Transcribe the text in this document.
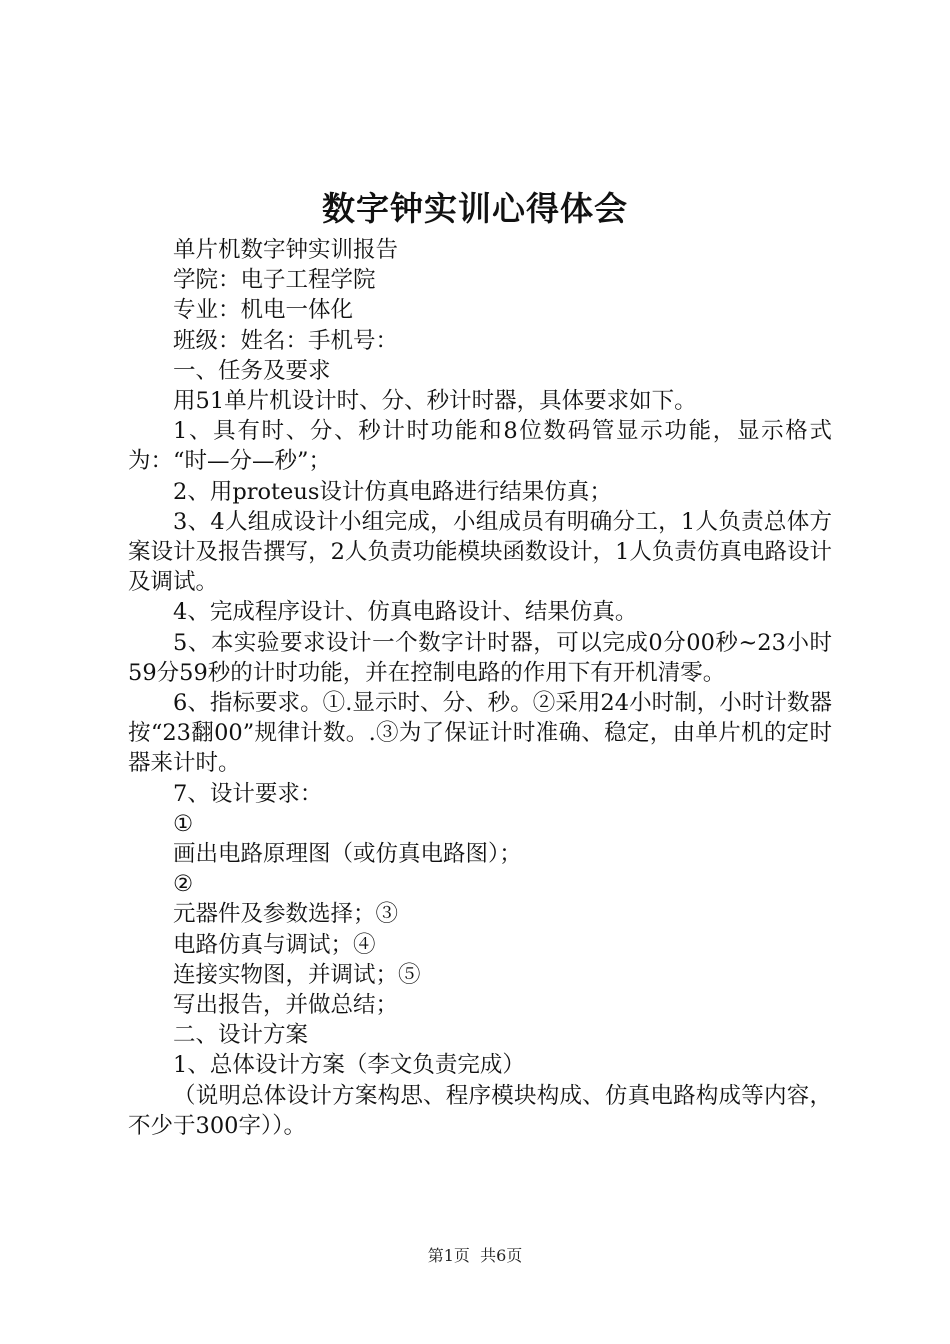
数字钟实训心得体会

单片机数字钟实训报告

学院：电子工程学院

专业：机电一体化

班级：姓名：手机号：

一、任务及要求

用51单片机设计时、分、秒计时器，具体要求如下。

1、具有时、分、秒计时功能和8位数码管显示功能，显示格式为：“时—分—秒”；

2、用proteus设计仿真电路进行结果仿真；

3、4人组成设计小组完成，小组成员有明确分工，1人负责总体方案设计及报告撰写，2人负责功能模块函数设计，1人负责仿真电路设计及调试。

4、完成程序设计、仿真电路设计、结果仿真。

5、本实验要求设计一个数字计时器，可以完成0分00秒~23小时59分59秒的计时功能，并在控制电路的作用下有开机清零。

6、指标要求。①.显示时、分、秒。②采用24小时制，小时计数器按“23翻00”规律计数。.③为了保证计时准确、稳定，由单片机的定时器来计时。

7、设计要求：

①

画出电路原理图（或仿真电路图）；

②

元器件及参数选择；③

电路仿真与调试；④

连接实物图，并调试；⑤

写出报告，并做总结；

二、设计方案

1、总体设计方案（李文负责完成）

（说明总体设计方案构思、程序模块构成、仿真电路构成等内容，不少于300字））。

第1页  共6页
